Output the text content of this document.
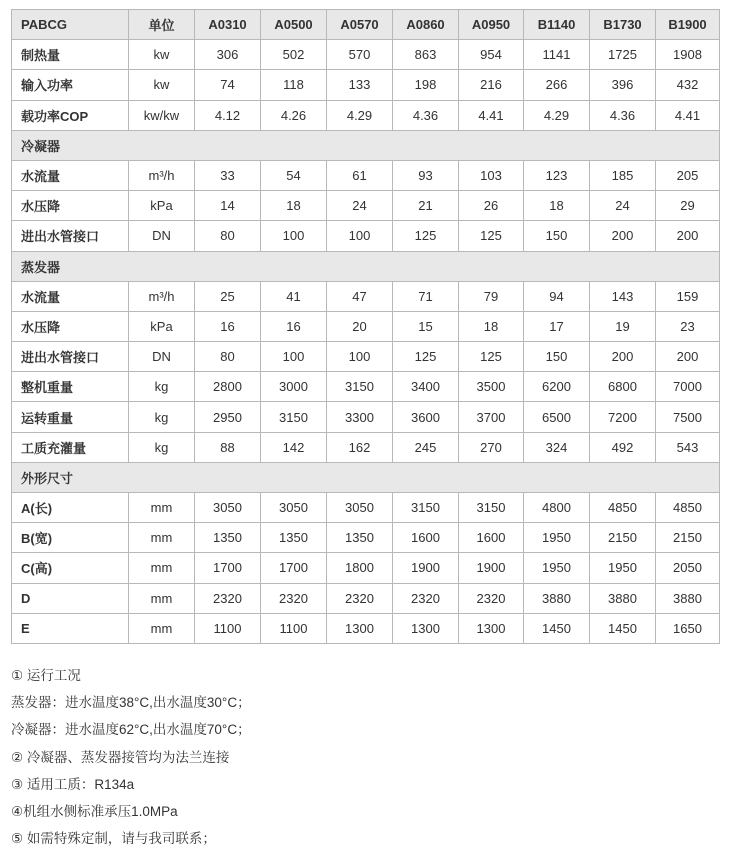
PABCG	单位	A0310	A0500	A0570	A0860	A0950	B1140	B1730	B1900
制热量	kw	306	502	570	863	954	1141	1725	1908
输入功率	kw	74	118	133	198	216	266	396	432
载功率COP	kw/kw	4.12	4.26	4.29	4.36	4.41	4.29	4.36	4.41
冷凝器									
水流量	m³/h	33	54	61	93	103	123	185	205
水压降	kPa	14	18	24	21	26	18	24	29
进出水管接口	DN	80	100	100	125	125	150	200	200
蒸发器									
水流量	m³/h	25	41	47	71	79	94	143	159
水压降	kPa	16	16	20	15	18	17	19	23
进出水管接口	DN	80	100	100	125	125	150	200	200
整机重量	kg	2800	3000	3150	3400	3500	6200	6800	7000
运转重量	kg	2950	3150	3300	3600	3700	6500	7200	7500
工质充灌量	kg	88	142	162	245	270	324	492	543
外形尺寸									
A(长)	mm	3050	3050	3050	3150	3150	4800	4850	4850
B(宽)	mm	1350	1350	1350	1600	1600	1950	2150	2150
C(高)	mm	1700	1700	1800	1900	1900	1950	1950	2050
D	mm	2320	2320	2320	2320	2320	3880	3880	3880
E	mm	1100	1100	1300	1300	1300	1450	1450	1650
① 运行工况
蒸发器：进水温度38°C,出水温度30°C；
冷凝器：进水温度62°C,出水温度70°C；
② 冷凝器、蒸发器接管均为法兰连接
③ 适用工质：R134a
④机组水侧标准承压1.0MPa
⑤ 如需特殊定制，请与我司联系；
